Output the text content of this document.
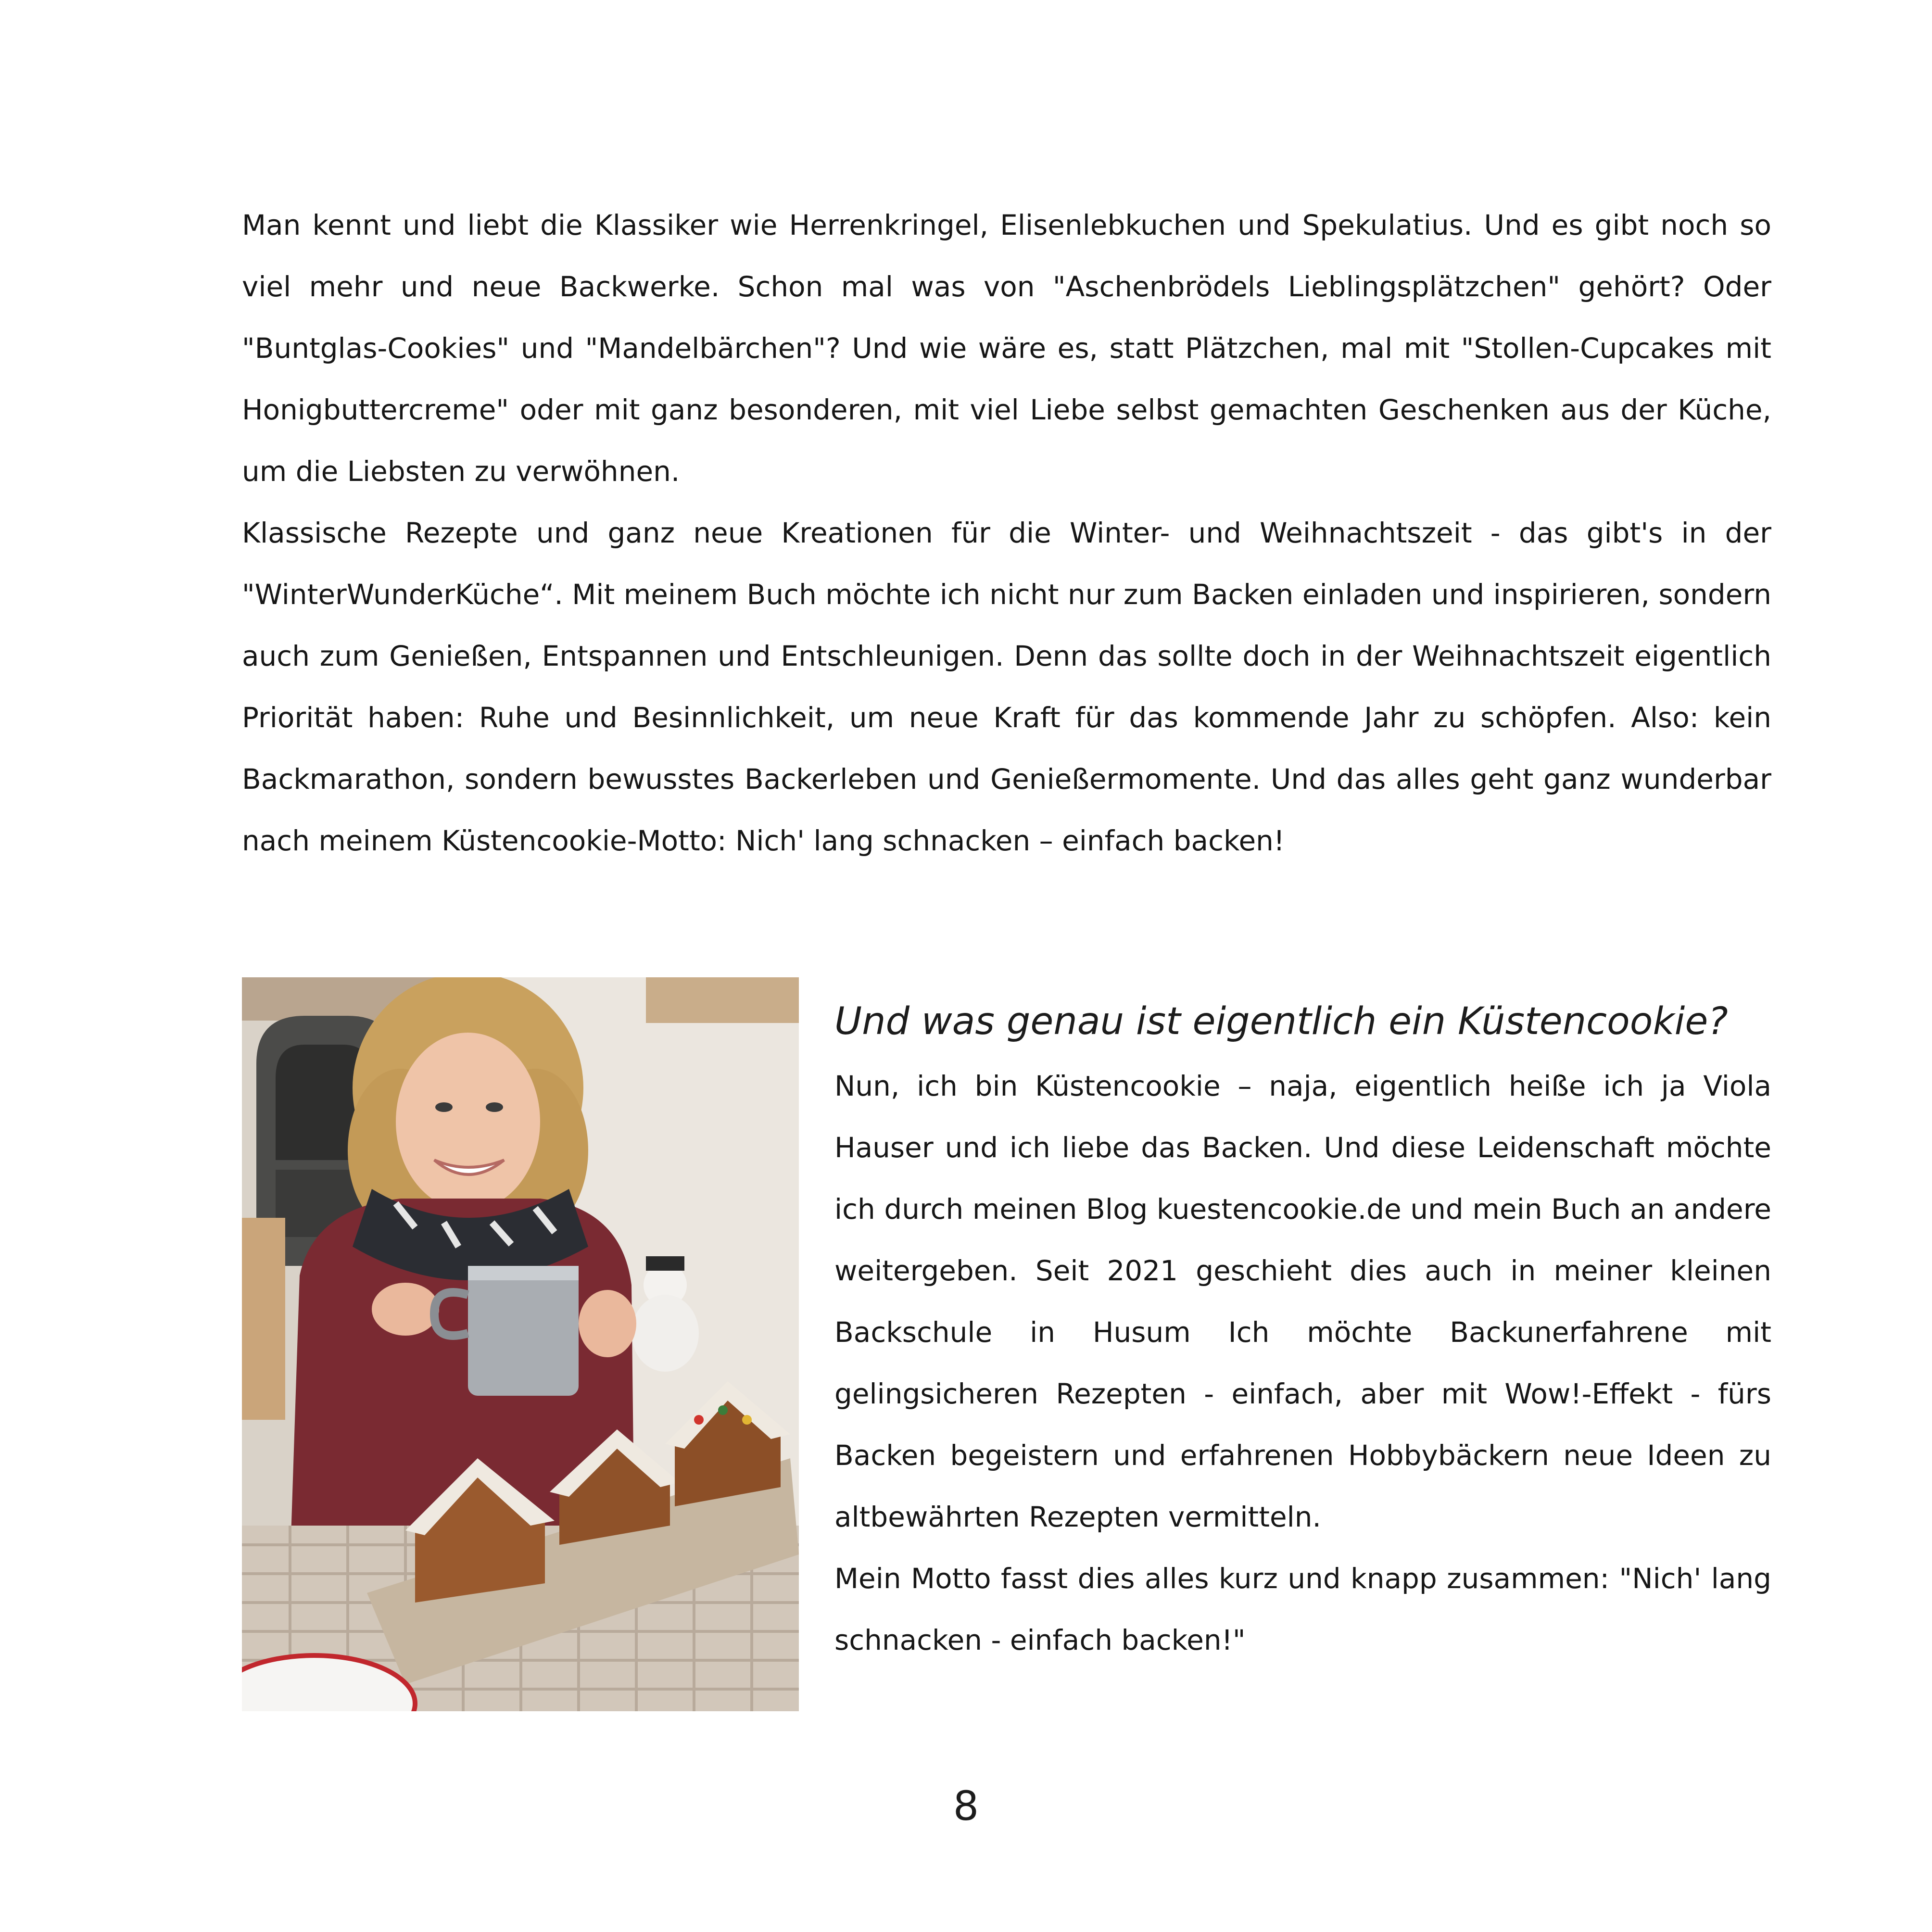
Man kennt und liebt die Klassiker wie Herrenkringel, Elisenlebkuchen und Spekulatius. Und es gibt noch so viel mehr und neue Backwerke. Schon mal was von "Aschenbrödels Lieblingsplätzchen" gehört? Oder "Buntglas-Cookies" und "Mandelbärchen"? Und wie wäre es, statt Plätzchen, mal mit "Stollen-Cupcakes mit Honigbuttercreme" oder mit ganz besonderen, mit viel Liebe selbst gemachten Geschenken aus der Küche, um die Liebsten zu verwöhnen.

Klassische Rezepte und ganz neue Kreationen für die Winter- und Weihnachtszeit - das gibt's in der "WinterWunderKüche“. Mit meinem Buch möchte ich nicht nur zum Backen einladen und inspirieren, sondern auch zum Genießen, Entspannen und Entschleunigen. Denn das sollte doch in der Weihnachtszeit eigentlich Priorität haben: Ruhe und Besinnlichkeit, um neue Kraft für das kommende Jahr zu schöpfen. Also: kein Backmarathon, sondern bewusstes Backerleben und Genießermomente. Und das alles geht ganz wunderbar nach meinem Küstencookie-Motto: Nich' lang schnacken – einfach backen!

Und was genau ist eigentlich ein Küstencookie?

Nun, ich bin Küstencookie – naja, eigentlich heiße ich ja Viola Hauser und ich liebe das Backen. Und diese Leidenschaft möchte ich durch meinen Blog kuestencookie.de und mein Buch an andere weitergeben. Seit 2021 geschieht dies auch in meiner kleinen Backschule in Husum Ich möchte Backunerfahrene mit gelingsicheren Rezepten - einfach, aber mit Wow!-Effekt - fürs Backen begeistern und erfahrenen Hobbybäckern neue Ideen zu altbewährten Rezepten vermitteln.

Mein Motto fasst dies alles kurz und knapp zusammen: "Nich' lang schnacken - einfach backen!"

8
